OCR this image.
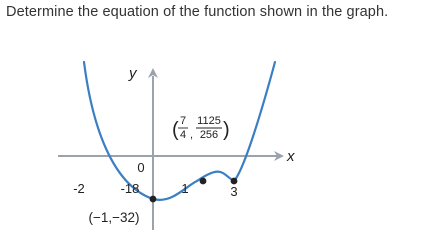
Determine the equation of the function shown in the graph.
x
y
-2
0
-18	1	3
(−1,−32)
( 7
4 ,
1125
256 )
